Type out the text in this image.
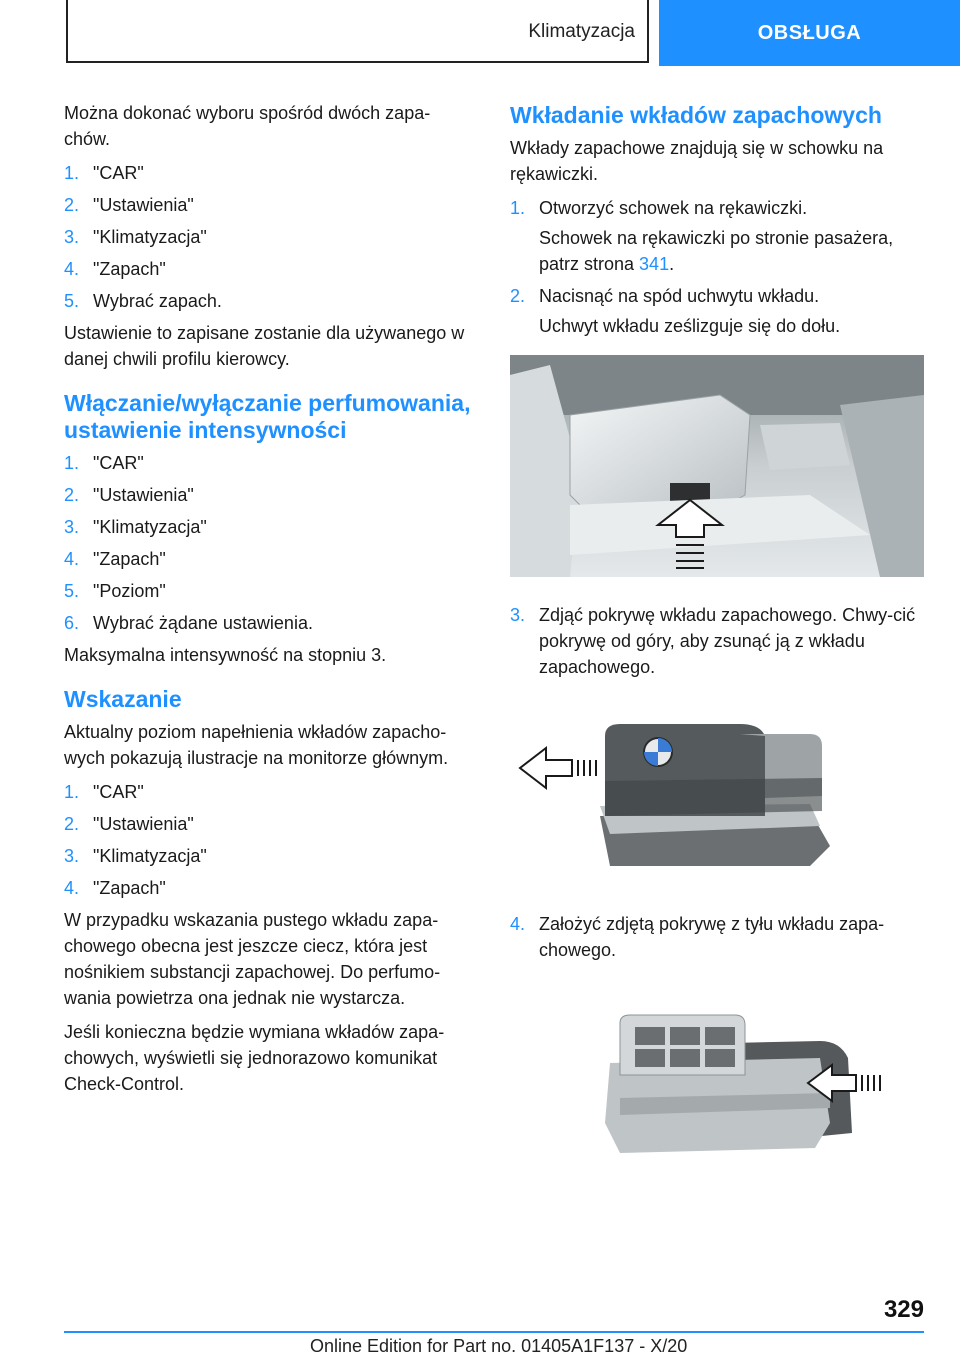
Klimatyzacja	OBSŁUGA

Można dokonać wyboru spośród dwóch zapa-chów.

1. "CAR"
2. "Ustawienia"
3. "Klimatyzacja"
4. "Zapach"
5. Wybrać zapach.

Ustawienie to zapisane zostanie dla używanego w danej chwili profilu kierowcy.

Włączanie/wyłączanie perfumowania, ustawienie intensywności
1. "CAR"
2. "Ustawienia"
3. "Klimatyzacja"
4. "Zapach"
5. "Poziom"
6. Wybrać żądane ustawienia.

Maksymalna intensywność na stopniu 3.

Wskazanie

Aktualny poziom napełnienia wkładów zapacho-wych pokazują ilustracje na monitorze głównym.

1. "CAR"
2. "Ustawienia"
3. "Klimatyzacja"
4. "Zapach"

W przypadku wskazania pustego wkładu zapa-chowego obecna jest jeszcze ciecz, która jest nośnikiem substancji zapachowej. Do perfumo-wania powietrza ona jednak nie wystarcza.

Jeśli konieczna będzie wymiana wkładów zapa-chowych, wyświetli się jednorazowo komunikat Check-Control.

Wkładanie wkładów zapachowych

Wkłady zapachowe znajdują się w schowku na rękawiczki.

1. Otworzyć schowek na rękawiczki.
Schowek na rękawiczki po stronie pasażera, patrz strona 341.
2. Nacisnąć na spód uchwytu wkładu.
Uchwyt wkładu ześlizguje się do dołu.
3. Zdjąć pokrywę wkładu zapachowego. Chwy-cić pokrywę od góry, aby zsunąć ją z wkładu zapachowego.
4. Założyć zdjętą pokrywę z tyłu wkładu zapa-chowego.
329
Online Edition for Part no. 01405A1F137 - X/20
